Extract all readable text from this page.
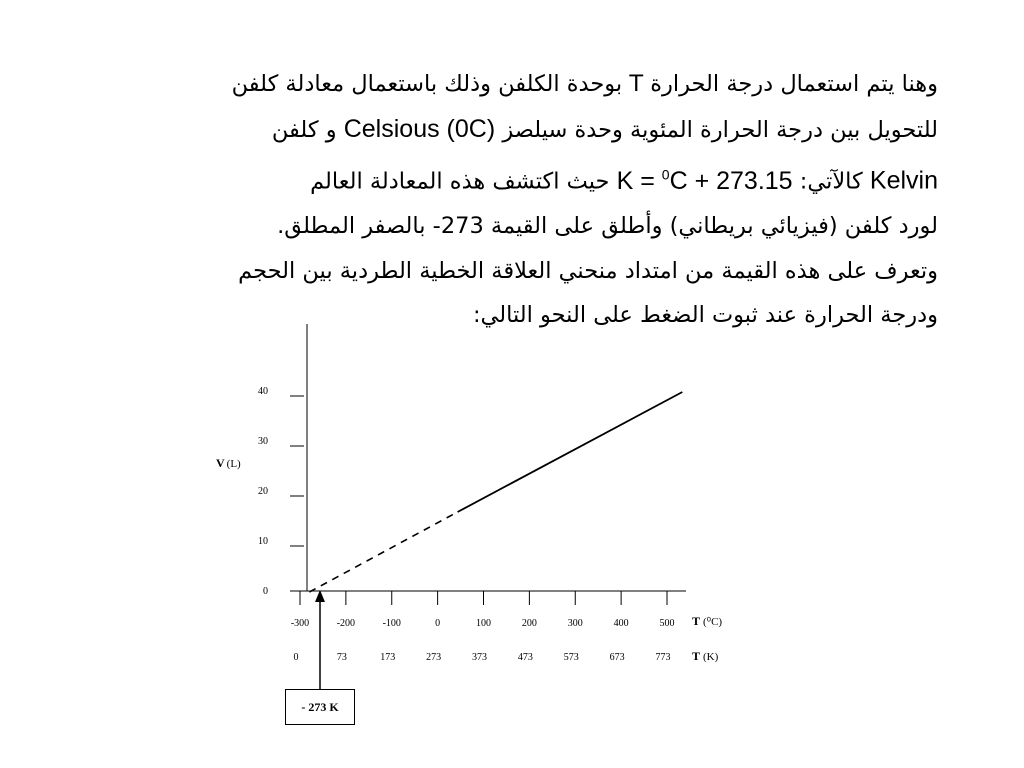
وهنا يتم استعمال درجة الحرارة T بوحدة الكلفن وذلك باستعمال معادلة كلفن

للتحويل بين درجة الحرارة المئوية وحدة سيلصز Celsious (0C) و كلفن

Kelvin كالآتي: K = $^0$C + 273.15 حيث اكتشف هذه المعادلة العالم

لورد كلفن (فيزيائي بريطاني) وأطلق على القيمة 273- بالصفر المطلق.

وتعرف على هذه القيمة من امتداد منحني العلاقة الخطية الطردية بين الحجم

ودرجة الحرارة عند ثبوت الضغط على النحو التالي:

0
10
20
30
40
-300
0
-200
73
-100
173
0
273
100
373
200
473
300
573
400
673
500
773
V (L)
T (⁰C)
T (K)
- 273 K
